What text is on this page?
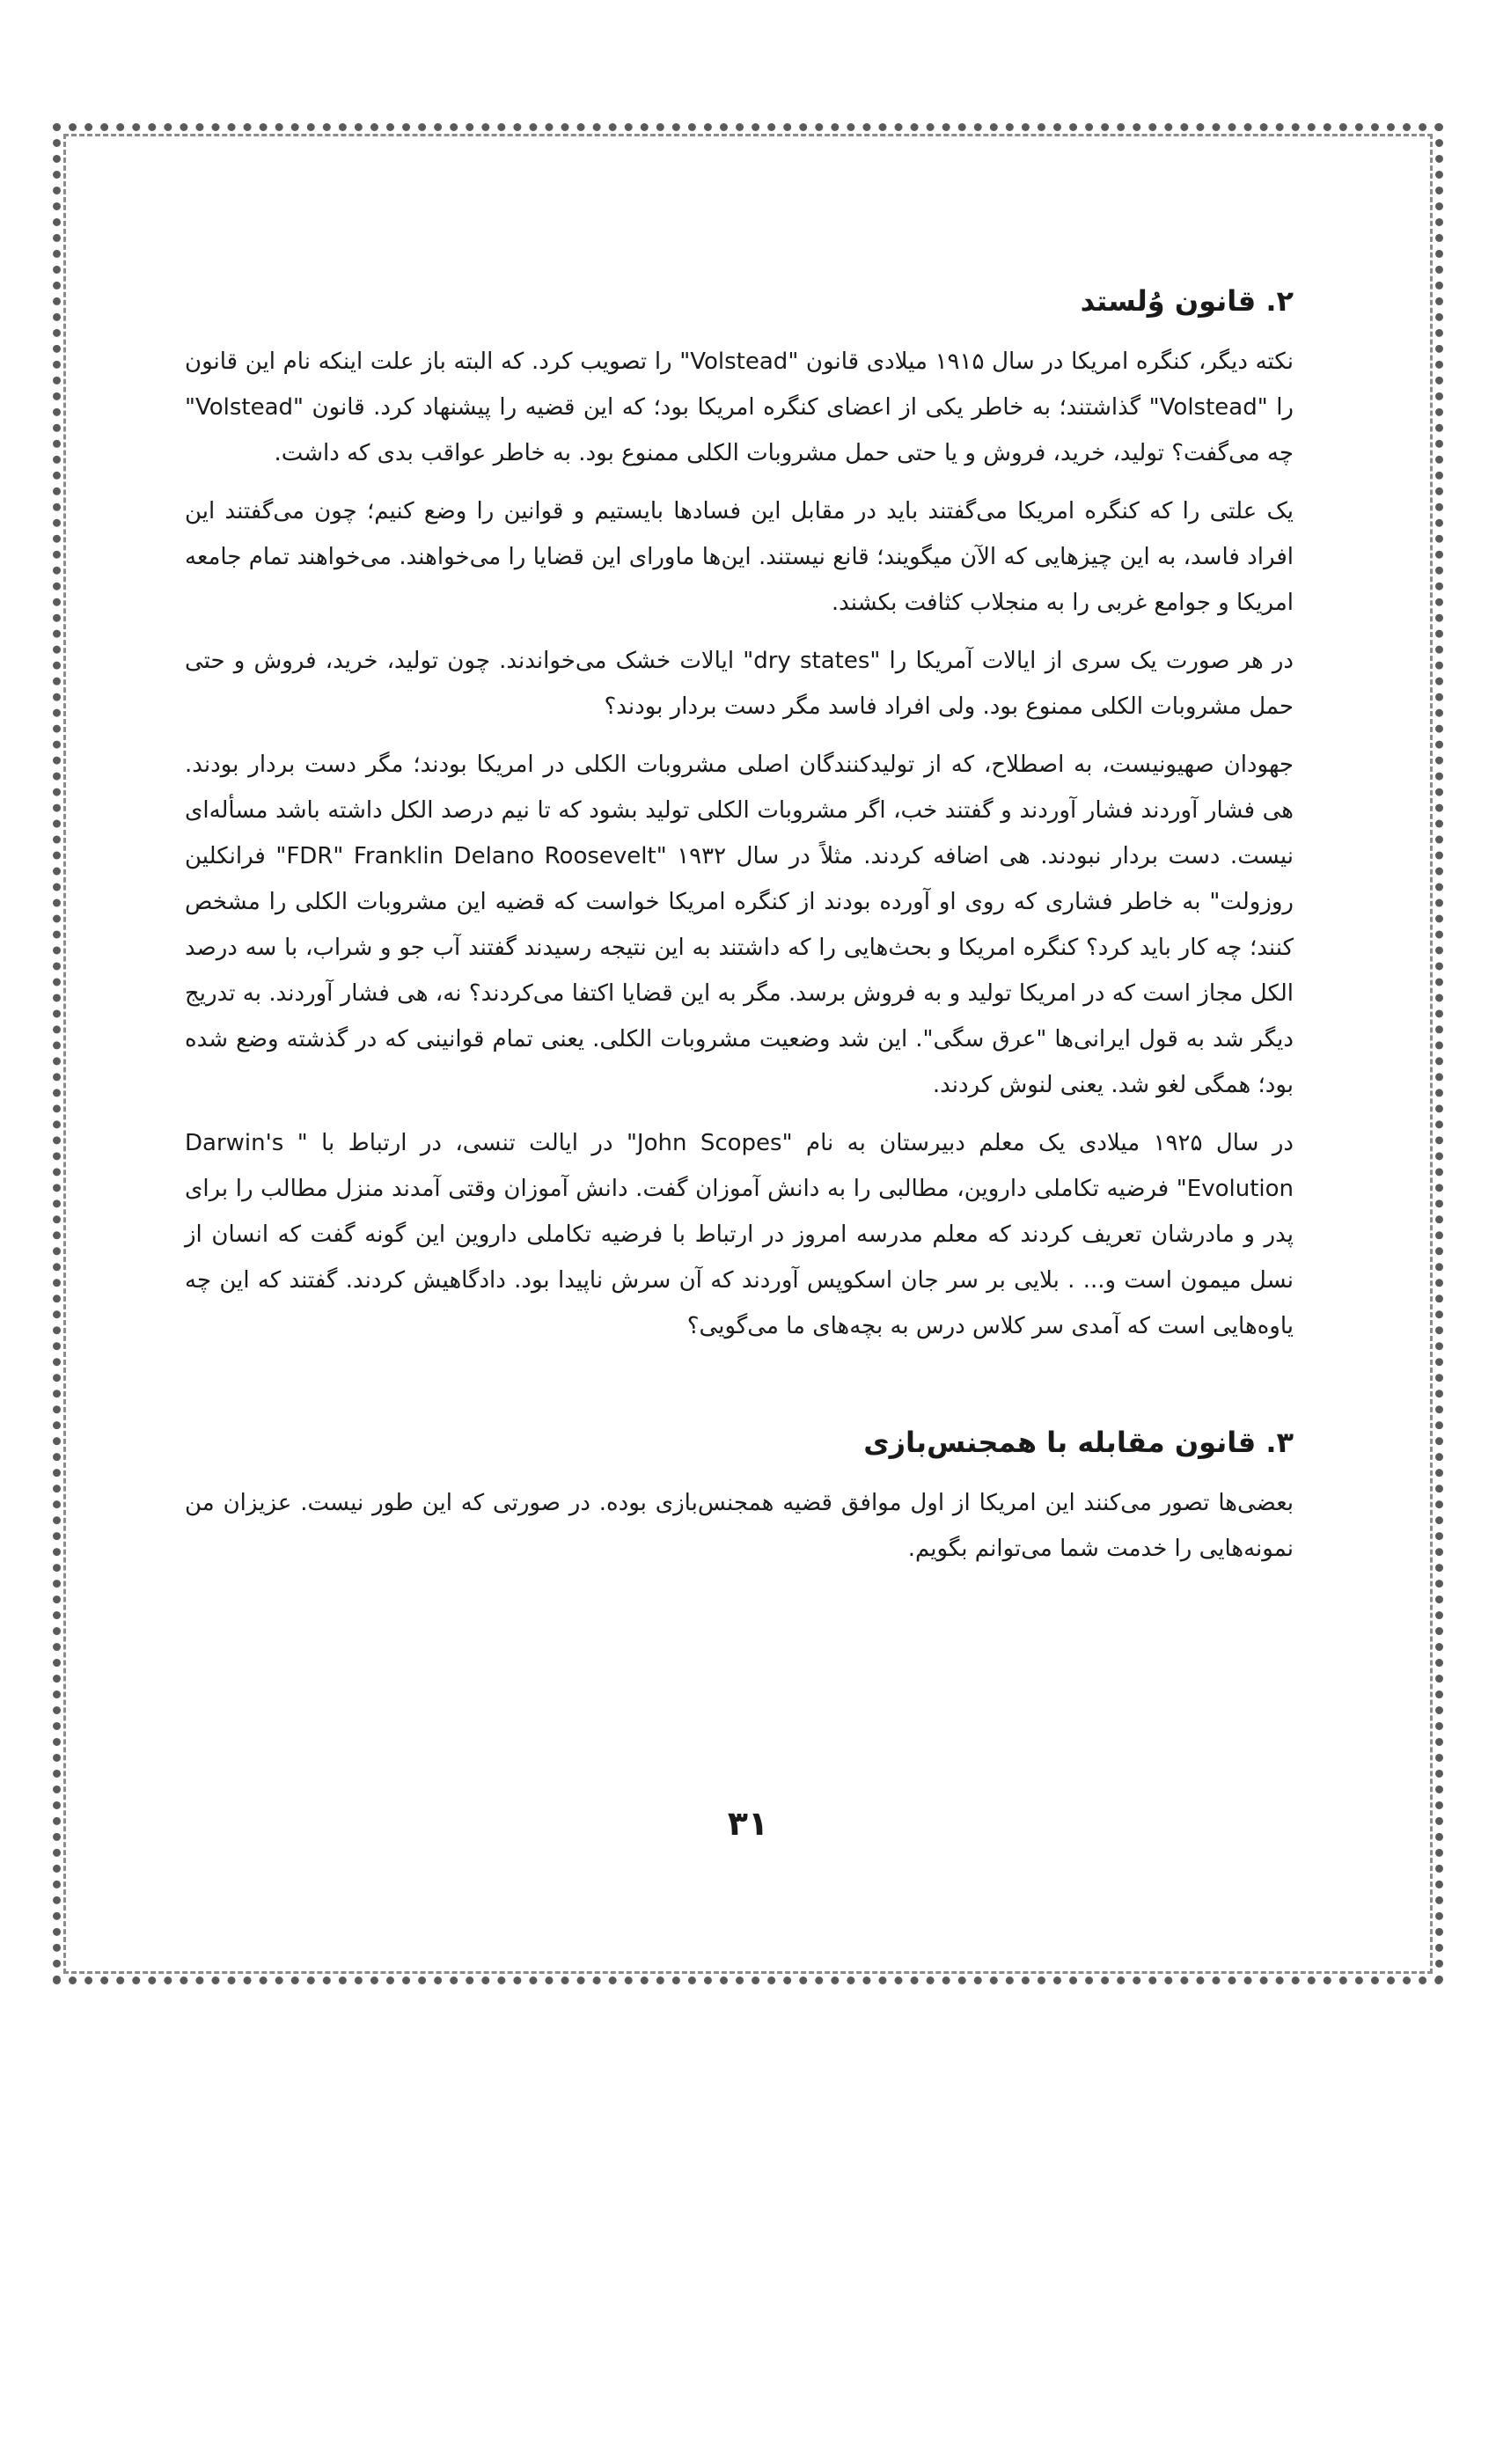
۲. قانون وُلستد

نکته دیگر، کنگره امریکا در سال ۱۹۱۵ میلادی قانون "Volstead" را تصویب کرد. که البته باز علت اینکه نام این قانون را "Volstead" گذاشتند؛ به خاطر یکی از اعضای کنگره امریکا بود؛ که این قضیه را پیشنهاد کرد. قانون "Volstead" چه می‌گفت؟ تولید، خرید، فروش و یا حتی حمل مشروبات الکلی ممنوع بود. به خاطر عواقب بدی که داشت.

یک علتی را که کنگره امریکا می‌گفتند باید در مقابل این فسادها بایستیم و قوانین را وضع کنیم؛ چون می‌گفتند این افراد فاسد، به این چیزهایی که الآن میگویند؛ قانع نیستند. این‌ها ماورای این قضایا را می‌خواهند. می‌خواهند تمام جامعه امریکا و جوامع غربی را به منجلاب کثافت بکشند.

در هر صورت یک سری از ایالات آمریکا را "dry states" ایالات خشک می‌خواندند. چون تولید، خرید، فروش و حتی حمل مشروبات الکلی ممنوع بود. ولی افراد فاسد مگر دست بردار بودند؟

جهودان صهیونیست، به اصطلاح، که از تولیدکنندگان اصلی مشروبات الکلی در امریکا بودند؛ مگر دست بردار بودند. هی فشار آوردند فشار آوردند و گفتند خب، اگر مشروبات الکلی تولید بشود که تا نیم درصد الکل داشته باشد مسأله‌ای نیست. دست بردار نبودند. هی اضافه کردند. مثلاً در سال ۱۹۳۲ "FDR" Franklin Delano Roosevelt" فرانکلین روزولت" به خاطر فشاری که روی او آورده بودند از کنگره امریکا خواست که قضیه این مشروبات الکلی را مشخص کنند؛ چه کار باید کرد؟ کنگره امریکا و بحث‌هایی را که داشتند به این نتیجه رسیدند گفتند آب جو و شراب، با سه درصد الکل مجاز است که در امریکا تولید و به فروش برسد. مگر به این قضایا اکتفا می‌کردند؟ نه، هی فشار آوردند. به تدریج دیگر شد به قول ایرانی‌ها "عرق سگی". این شد وضعیت مشروبات الکلی. یعنی تمام قوانینی که در گذشته وضع شده بود؛ همگی لغو شد. یعنی لنوش کردند.

در سال ۱۹۲۵ میلادی یک معلم دبیرستان به نام "John Scopes" در ایالت تنسی، در ارتباط با " Darwin's Evolution" فرضیه تکاملی داروین، مطالبی را به دانش آموزان گفت. دانش آموزان وقتی آمدند منزل مطالب را برای پدر و مادرشان تعریف کردند که معلم مدرسه امروز در ارتباط با فرضیه تکاملی داروین این گونه گفت که انسان از نسل میمون است و... . بلایی بر سر جان اسکوپس آوردند که آن سرش ناپیدا بود. دادگاهیش کردند. گفتند که این چه یاوه‌هایی است که آمدی سر کلاس درس به بچه‌های ما می‌گویی؟

۳. قانون مقابله با همجنس‌بازی

بعضی‌ها تصور می‌کنند این امریکا از اول موافق قضیه همجنس‌بازی بوده. در صورتی که این طور نیست. عزیزان من نمونه‌هایی را خدمت شما می‌توانم بگویم.

۳۱
